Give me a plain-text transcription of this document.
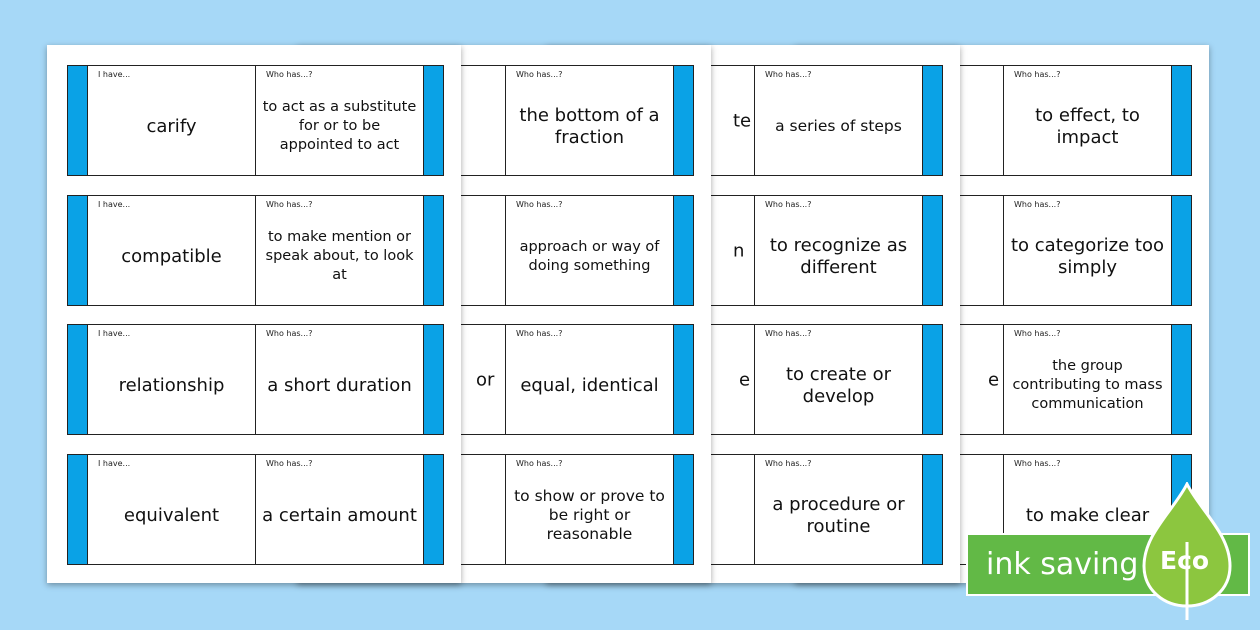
I have...
carify
Who has...?
to act as a substitute for or to be appointed to act
I have...
compatible
Who has...?
to make mention or speak about, to look at
I have...
relationship
Who has...?
a short duration
I have...
equivalent
Who has...?
a certain amount
Who has...?
the bottom of a fraction
Who has...?
approach or way of doing something
or
Who has...?
equal, identical
Who has...?
to show or prove to be right or reasonable
te
Who has...?
a series of steps
n
Who has...?
to recognize as different
e
Who has...?
to create or develop
Who has...?
a procedure or routine
Who has...?
to effect, to impact
Who has...?
to categorize too simply
e
Who has...?
the group contributing to mass communication
Who has...?
to make clear
ink saving Eco
